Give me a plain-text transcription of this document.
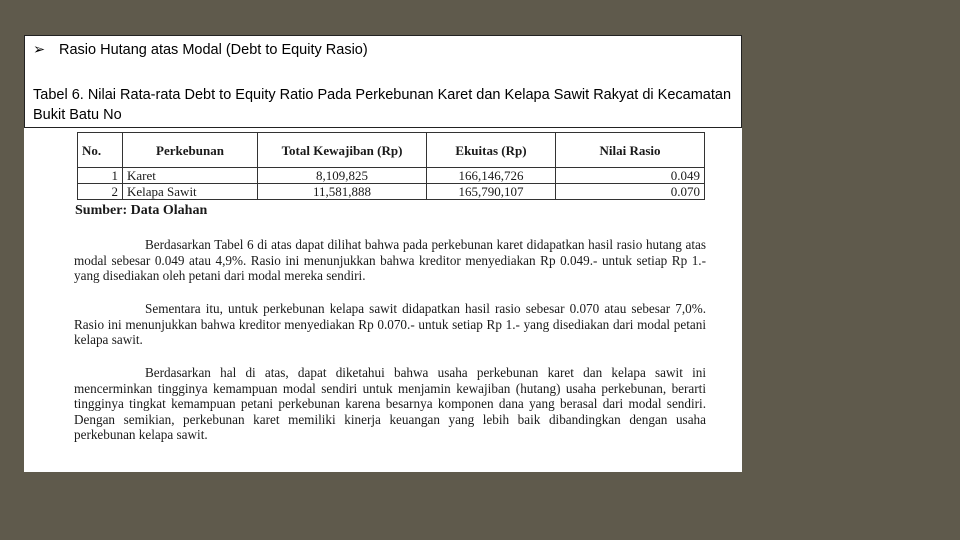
No.	Perkebunan	Total Kewajiban (Rp)	Ekuitas (Rp)	Nilai Rasio
1	Karet	8,109,825	166,146,726	0.049
2	Kelapa Sawit	11,581,888	165,790,107	0.070
Sumber: Data Olahan

Berdasarkan Tabel 6 di atas dapat dilihat bahwa pada perkebunan karet didapatkan hasil rasio hutang atas modal sebesar 0.049 atau 4,9%. Rasio ini menunjukkan bahwa kreditor menyediakan Rp 0.049.- untuk setiap Rp 1.- yang disediakan oleh petani dari modal mereka sendiri.

Sementara itu, untuk perkebunan kelapa sawit didapatkan hasil rasio sebesar 0.070 atau sebesar 7,0%. Rasio ini menunjukkan bahwa kreditor menyediakan Rp 0.070.- untuk setiap Rp 1.- yang disediakan dari modal petani kelapa sawit.

Berdasarkan hal di atas, dapat diketahui bahwa usaha perkebunan karet dan kelapa sawit ini mencerminkan tingginya kemampuan modal sendiri untuk menjamin kewajiban (hutang) usaha perkebunan, berarti tingginya tingkat kemampuan petani perkebunan karena besarnya komponen dana yang berasal dari modal sendiri. Dengan semikian, perkebunan karet memiliki kinerja keuangan yang lebih baik dibandingkan dengan usaha perkebunan kelapa sawit.

➢ Rasio Hutang atas Modal (Debt to Equity Rasio)
Tabel 6. Nilai Rata-rata Debt to Equity Ratio Pada Perkebunan Karet dan Kelapa Sawit Rakyat di Kecamatan Bukit Batu No
